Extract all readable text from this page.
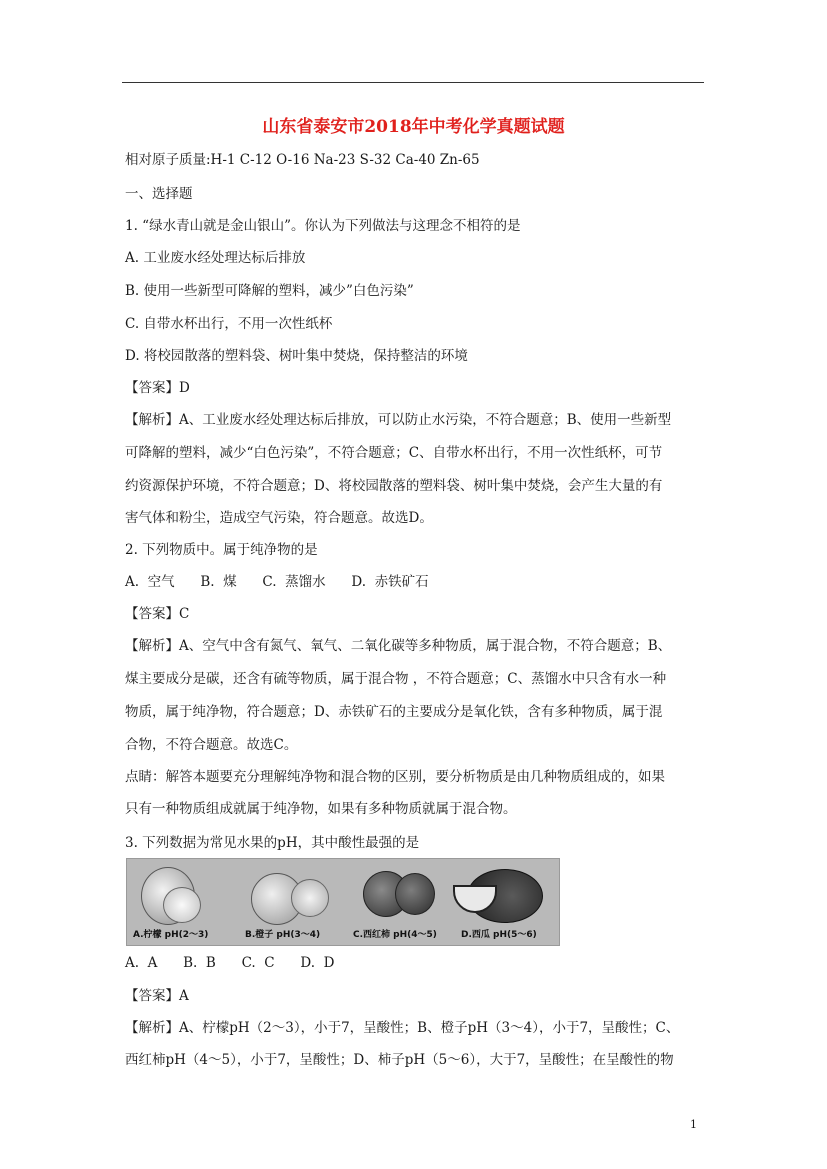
山东省泰安市2018年中考化学真题试题
相对原子质量:H-1 C-12 O-16 Na-23 S-32 Ca-40 Zn-65
一、选择题
1. “绿水青山就是金山银山”。你认为下列做法与这理念不相符的是
A. 工业废水经处理达标后排放
B. 使用一些新型可降解的塑料，减少”白色污染”
C. 自带水杯出行，不用一次性纸杯
D. 将校园散落的塑料袋、树叶集中焚烧，保持整洁的环境
【答案】D
【解析】A、工业废水经处理达标后排放，可以防止水污染，不符合题意；B、使用一些新型
可降解的塑料，减少“白色污染”，不符合题意；C、自带水杯出行，不用一次性纸杯，可节
约资源保护环境，不符合题意；D、将校园散落的塑料袋、树叶集中焚烧，会产生大量的有
害气体和粉尘，造成空气污染，符合题意。故选D。
2. 下列物质中。属于纯净物的是
A.  空气      B.  煤      C.  蒸馏水      D.  赤铁矿石
【答案】C
【解析】A、空气中含有氮气、氧气、二氧化碳等多种物质，属于混合物，不符合题意；B、
煤主要成分是碳，还含有硫等物质，属于混合物 ，不符合题意；C、蒸馏水中只含有水一种
物质，属于纯净物，符合题意；D、赤铁矿石的主要成分是氧化铁，含有多种物质，属于混
合物，不符合题意。故选C。
点睛：解答本题要充分理解纯净物和混合物的区别，要分析物质是由几种物质组成的，如果
只有一种物质组成就属于纯净物，如果有多种物质就属于混合物。
3. 下列数据为常见水果的pH，其中酸性最强的是
A.柠檬 pH(2～3)	B.橙子 pH(3～4)	C.西红柿 pH(4～5)	D.西瓜 pH(5～6)
A.  A      B.  B      C.  C      D.  D
【答案】A
【解析】A、柠檬pH（2～3），小于7，呈酸性；B、橙子pH（3～4），小于7，呈酸性；C、
西红柿pH（4～5），小于7，呈酸性；D、柿子pH（5～6），大于7，呈酸性；在呈酸性的物
1
